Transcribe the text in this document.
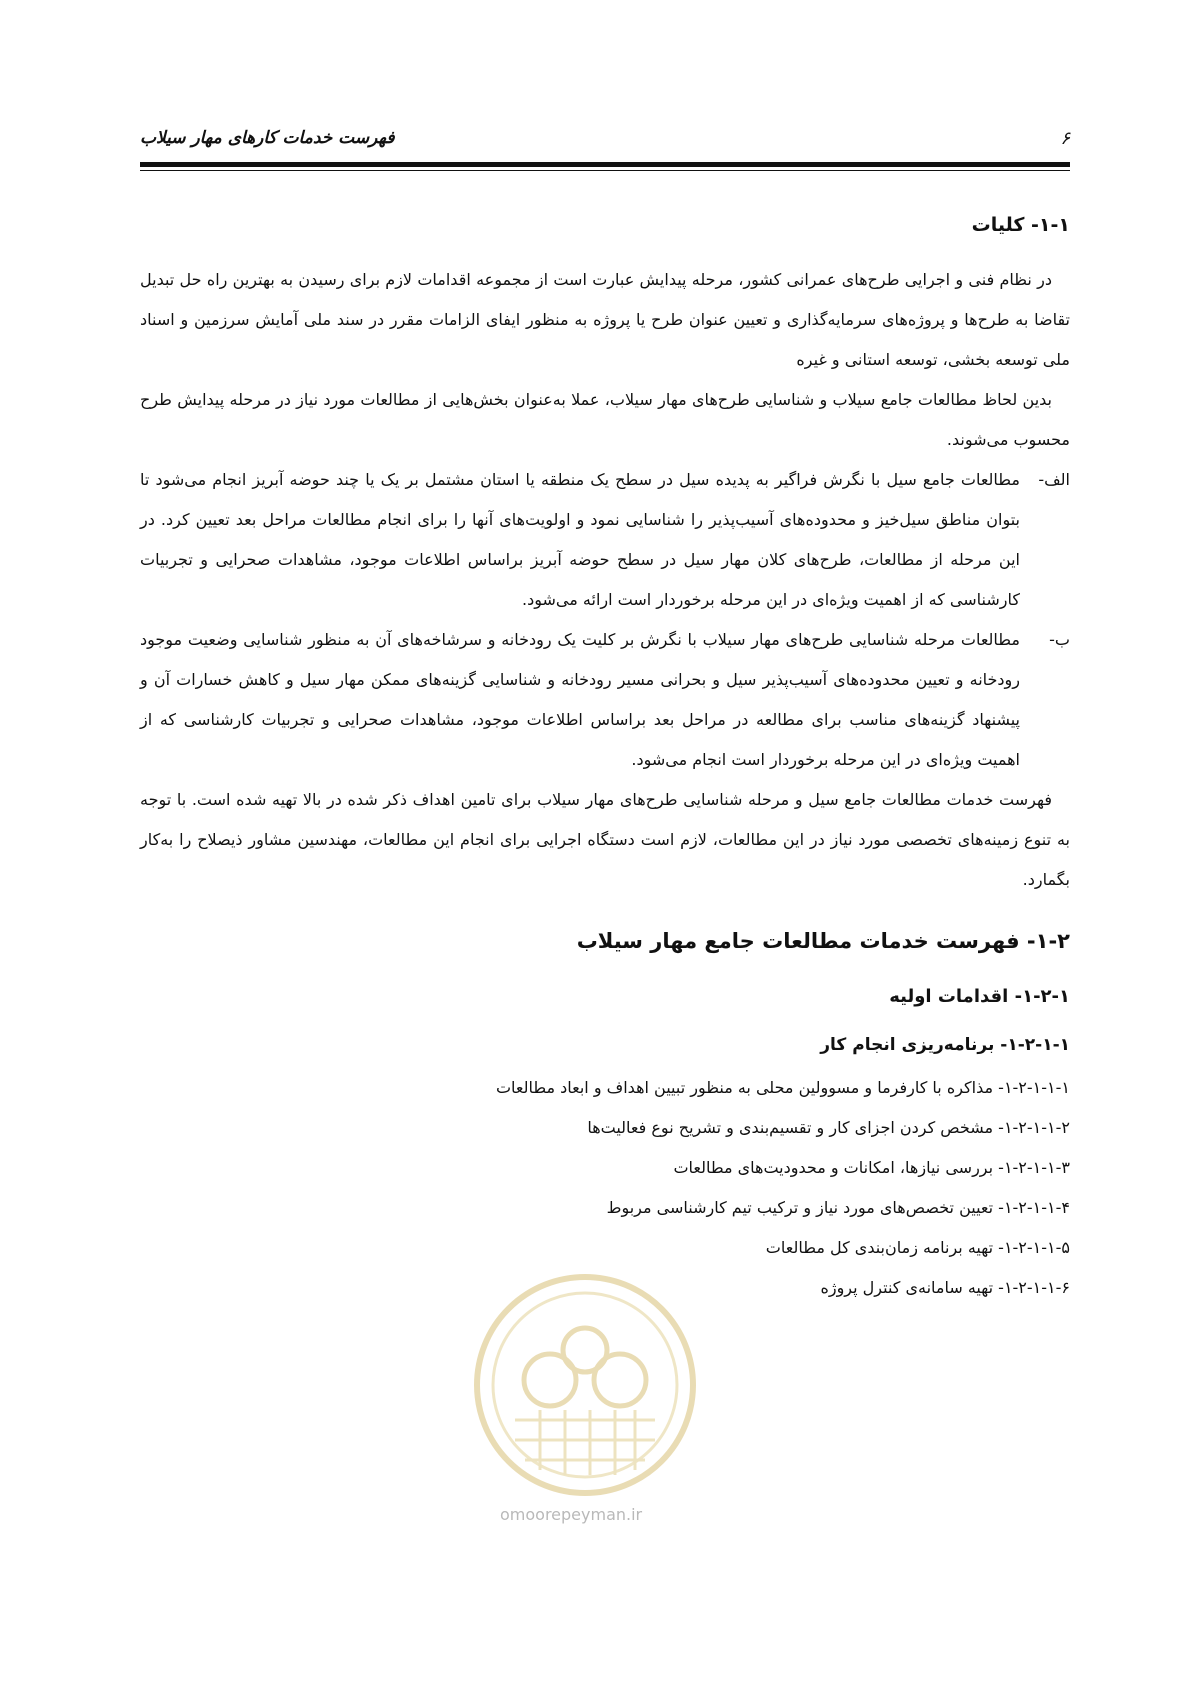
۶
فهرست خدمات کارهای مهار سیلاب
۱-۱- کلیات

در نظام فنی و اجرایی طرح‌های عمرانی کشور، مرحله پیدایش عبارت است از مجموعه اقدامات لازم برای رسیدن به بهترین راه حل تبدیل تقاضا به طرح‌ها و پروژه‌های سرمایه‌گذاری و تعیین عنوان طرح یا پروژه به منظور ایفای الزامات مقرر در سند ملی آمایش سرزمین و اسناد ملی توسعه بخشی، توسعه استانی و غیره

بدین لحاظ مطالعات جامع سیلاب و شناسایی طرح‌های مهار سیلاب، عملا به‌عنوان بخش‌هایی از مطالعات مورد نیاز در مرحله پیدایش طرح محسوب می‌شوند.

الف-
مطالعات جامع سیل با نگرش فراگیر به پدیده سیل در سطح یک منطقه یا استان مشتمل بر یک یا چند حوضه آبریز انجام می‌شود تا بتوان مناطق سیل‌خیز و محدوده‌های آسیب‌پذیر را شناسایی نمود و اولویت‌های آنها را برای انجام مطالعات مراحل بعد تعیین کرد. در این مرحله از مطالعات، طرح‌های کلان مهار سیل در سطح حوضه آبریز براساس اطلاعات موجود، مشاهدات صحرایی و تجربیات کارشناسی که از اهمیت ویژه‌ای در این مرحله برخوردار است ارائه می‌شود.
ب-
مطالعات مرحله شناسایی طرح‌های مهار سیلاب با نگرش بر کلیت یک رودخانه و سرشاخه‌های آن به منظور شناسایی وضعیت موجود رودخانه و تعیین محدوده‌های آسیب‌پذیر سیل و بحرانی مسیر رودخانه و شناسایی گزینه‌های ممکن مهار سیل و کاهش خسارات آن و پیشنهاد گزینه‌های مناسب برای مطالعه در مراحل بعد براساس اطلاعات موجود، مشاهدات صحرایی و تجربیات کارشناسی که از اهمیت ویژه‌ای در این مرحله برخوردار است انجام می‌شود.

فهرست خدمات مطالعات جامع سیل و مرحله شناسایی طرح‌های مهار سیلاب برای تامین اهداف ذکر شده در بالا تهیه شده است. با توجه به تنوع زمینه‌های تخصصی مورد نیاز در این مطالعات، لازم است دستگاه اجرایی برای انجام این مطالعات، مهندسین مشاور ذیصلاح را به‌کار بگمارد.

۱-۲- فهرست خدمات مطالعات جامع مهار سیلاب
۱-۲-۱- اقدامات اولیه
۱-۲-۱-۱- برنامه‌ریزی انجام کار
۱-۲-۱-۱-۱- مذاکره با کارفرما و مسوولین محلی به منظور تبیین اهداف و ابعاد مطالعات
۱-۲-۱-۱-۲- مشخص کردن اجزای کار و تقسیم‌بندی و تشریح نوع فعالیت‌ها
۱-۲-۱-۱-۳- بررسی نیازها، امکانات و محدودیت‌های مطالعات
۱-۲-۱-۱-۴- تعیین تخصص‌های مورد نیاز و ترکیب تیم کارشناسی مربوط
۱-۲-۱-۱-۵- تهیه برنامه زمان‌بندی کل مطالعات
۱-۲-۱-۱-۶- تهیه سامانه‌ی کنترل پروژه
omoorepeyman.ir
